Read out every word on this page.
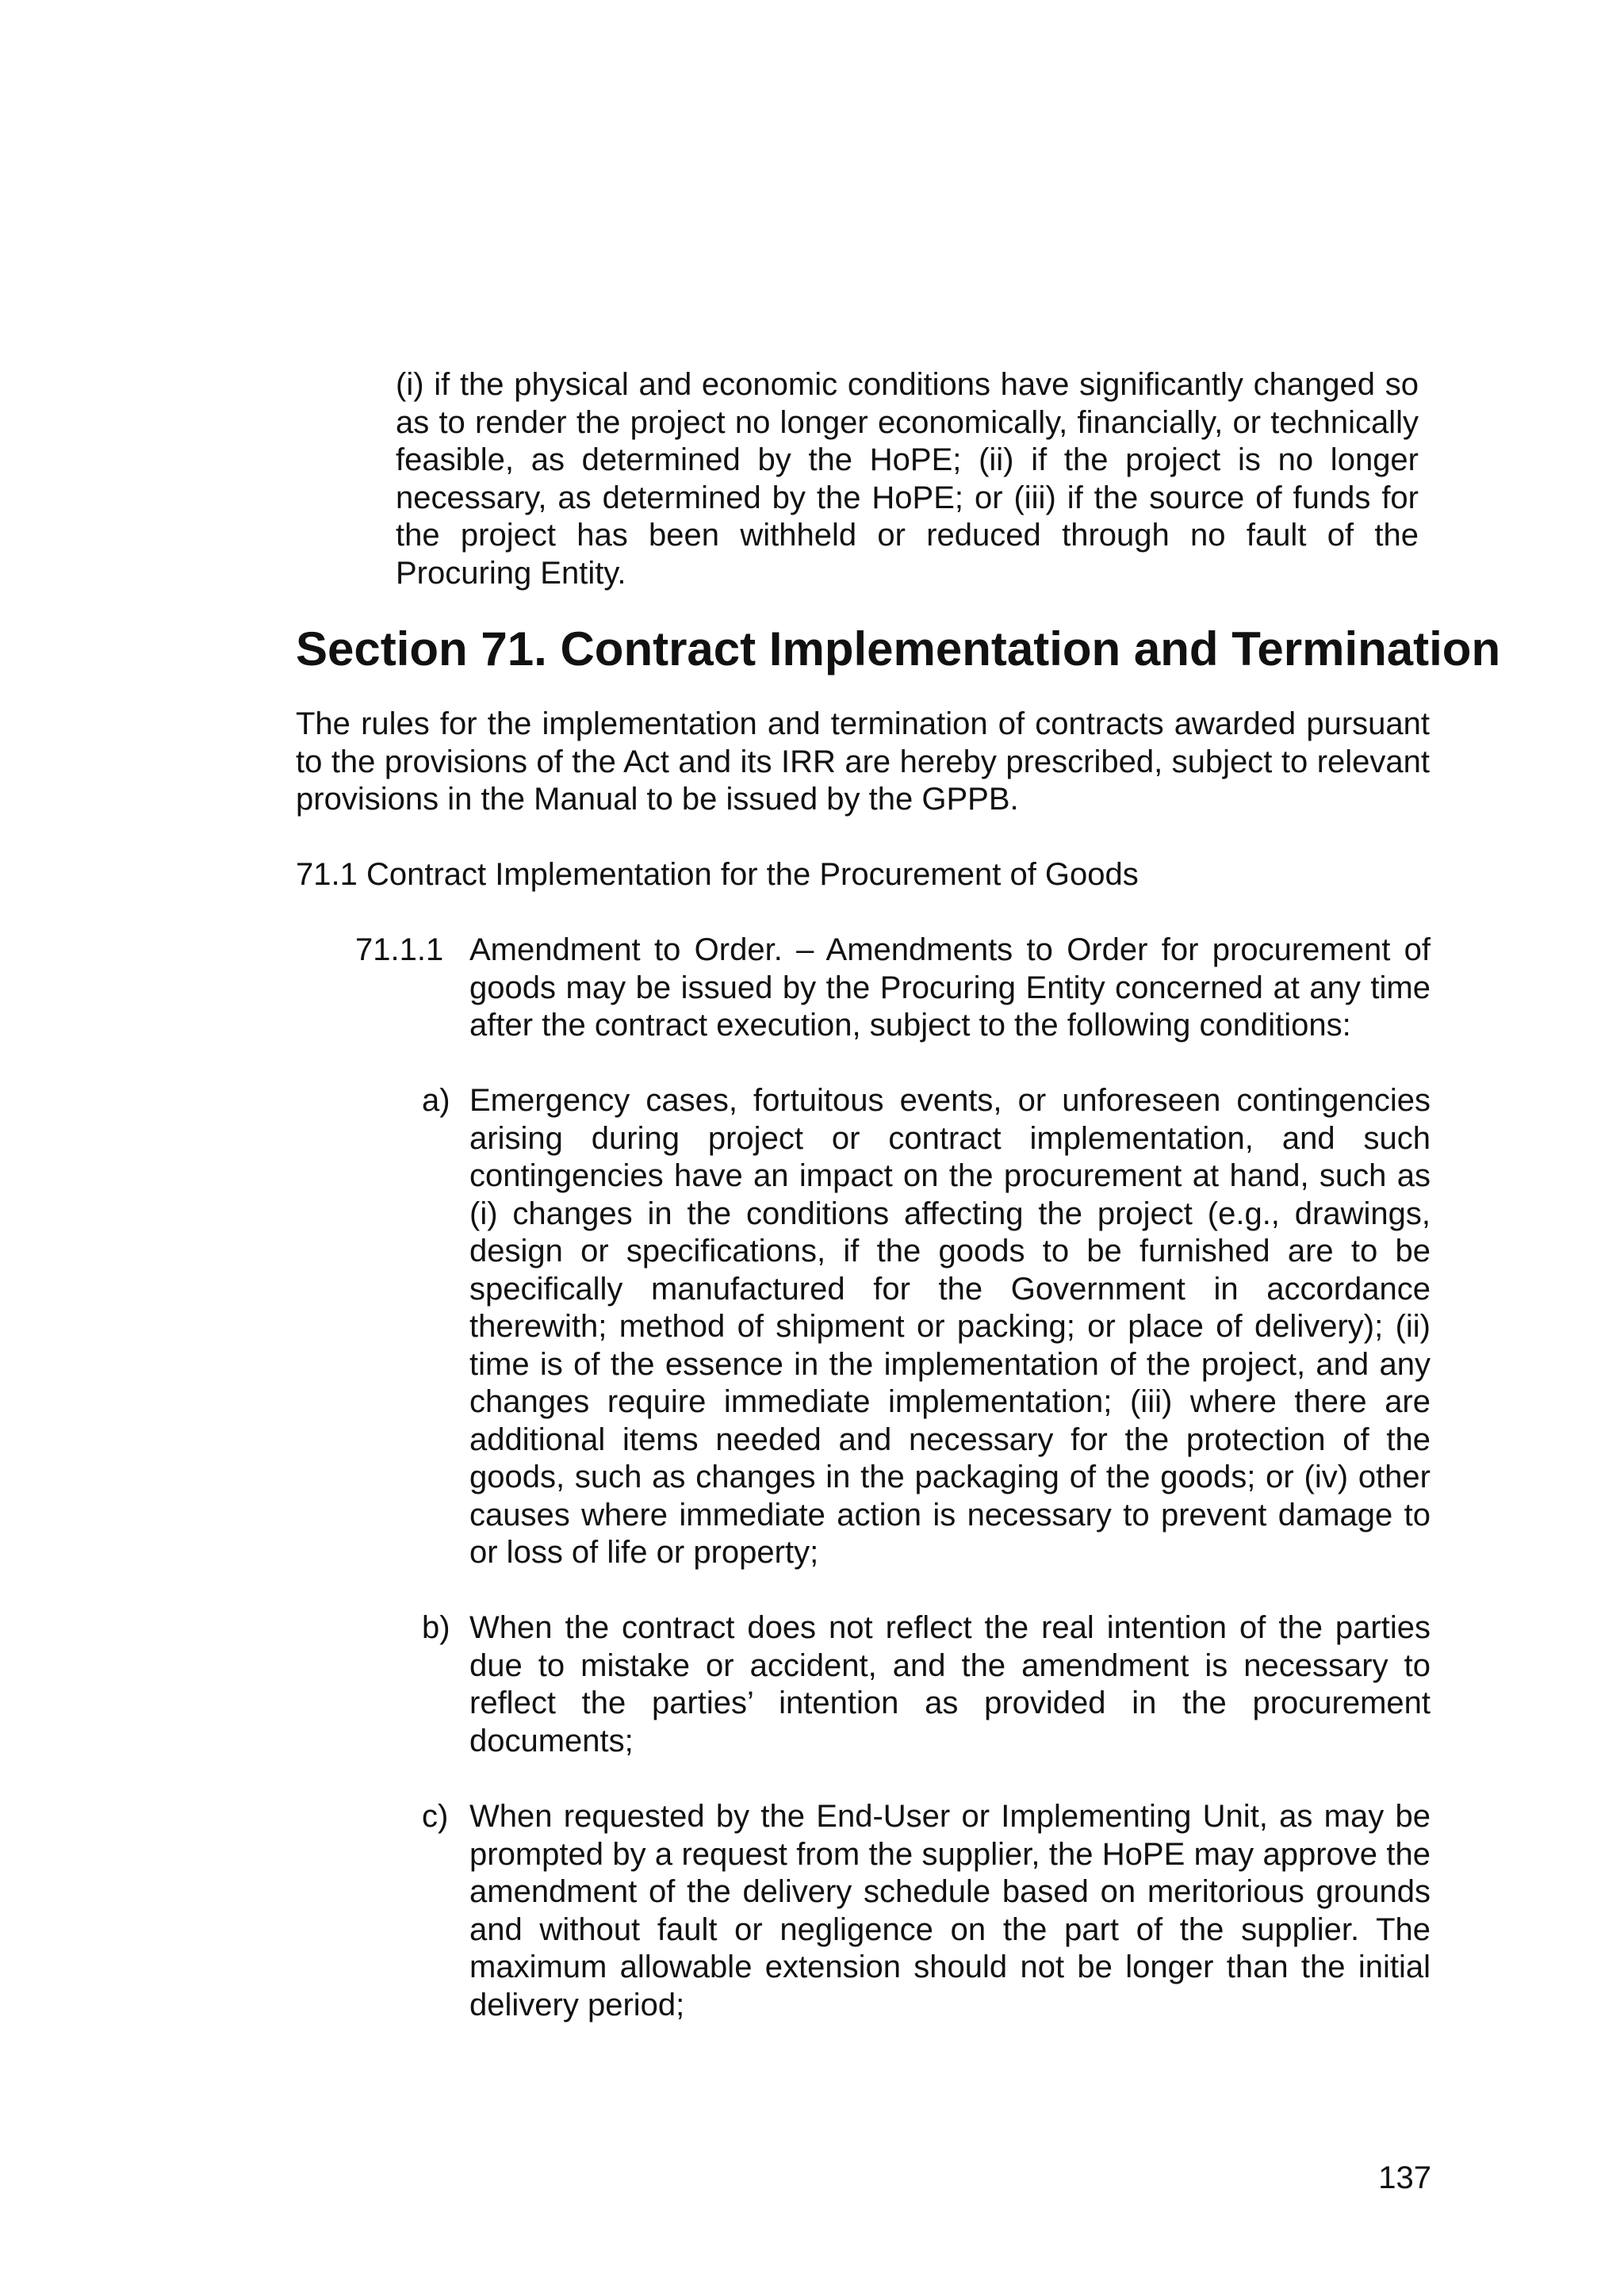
(i) if the physical and economic conditions have significantly changed so as to render the project no longer economically, financially, or technically feasible, as determined by the HoPE; (ii) if the project is no longer necessary, as determined by the HoPE; or (iii) if the source of funds for the project has been withheld or reduced through no fault of the Procuring Entity.

Section 71. Contract Implementation and Termination

The rules for the implementation and termination of contracts awarded pursuant to the provisions of the Act and its IRR are hereby prescribed, subject to relevant provisions in the Manual to be issued by the GPPB.

71.1 Contract Implementation for the Procurement of Goods

71.1.1 Amendment to Order. – Amendments to Order for procurement of goods may be issued by the Procuring Entity concerned at any time after the contract execution, subject to the following conditions:

a) Emergency cases, fortuitous events, or unforeseen contingencies arising during project or contract implementation, and such contingencies have an impact on the procurement at hand, such as (i) changes in the conditions affecting the project (e.g., drawings, design or specifications, if the goods to be furnished are to be specifically manufactured for the Government in accordance therewith; method of shipment or packing; or place of delivery); (ii) time is of the essence in the implementation of the project, and any changes require immediate implementation; (iii) where there are additional items needed and necessary for the protection of the goods, such as changes in the packaging of the goods; or (iv) other causes where immediate action is necessary to prevent damage to or loss of life or property;

b) When the contract does not reflect the real intention of the parties due to mistake or accident, and the amendment is necessary to reflect the parties’ intention as provided in the procurement documents;

c) When requested by the End-User or Implementing Unit, as may be prompted by a request from the supplier, the HoPE may approve the amendment of the delivery schedule based on meritorious grounds and without fault or negligence on the part of the supplier. The maximum allowable extension should not be longer than the initial delivery period;

137
